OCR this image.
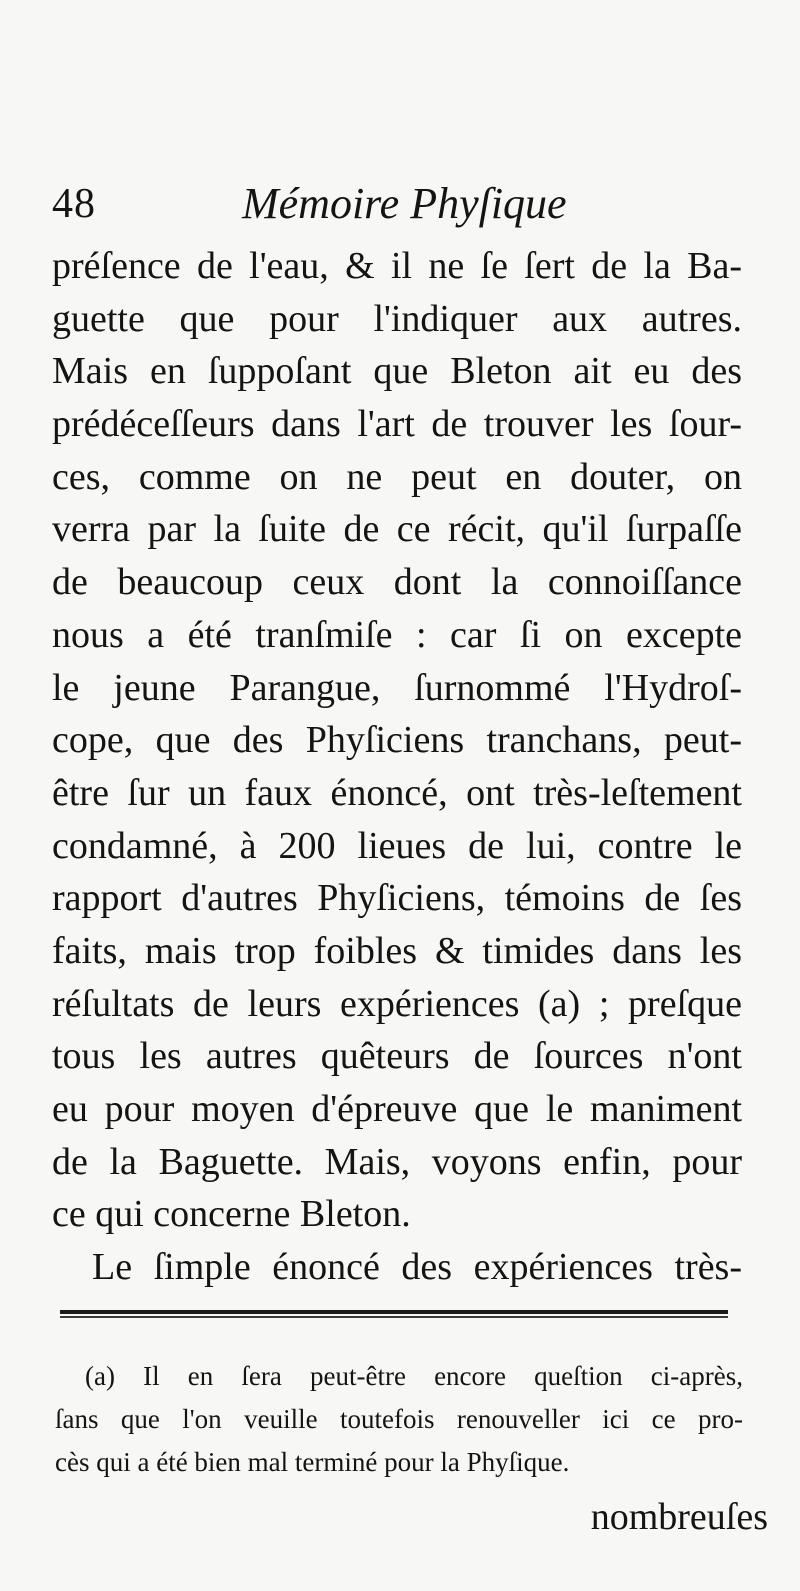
48	Mémoire Phyſique
préſence de l'eau, & il ne ſe ſert de la Ba-
guette que pour l'indiquer aux autres.
Mais en ſuppoſant que Bleton ait eu des
prédéceſſeurs dans l'art de trouver les ſour-
ces, comme on ne peut en douter, on
verra par la ſuite de ce récit, qu'il ſurpaſſe
de beaucoup ceux dont la connoiſſance
nous a été tranſmiſe : car ſi on excepte
le jeune Parangue, ſurnommé l'Hydroſ-
cope, que des Phyſiciens tranchans, peut-
être ſur un faux énoncé, ont très-leſtement
condamné, à 200 lieues de lui, contre le
rapport d'autres Phyſiciens, témoins de ſes
faits, mais trop foibles & timides dans les
réſultats de leurs expériences (a) ; preſque
tous les autres quêteurs de ſources n'ont
eu pour moyen d'épreuve que le maniment
de la Baguette. Mais, voyons enfin, pour
ce qui concerne Bleton.
Le ſimple énoncé des expériences très-
(a) Il en ſera peut-être encore queſtion ci-après,
ſans que l'on veuille toutefois renouveller ici ce pro-
cès qui a été bien mal terminé pour la Phyſique.
nombreuſes
